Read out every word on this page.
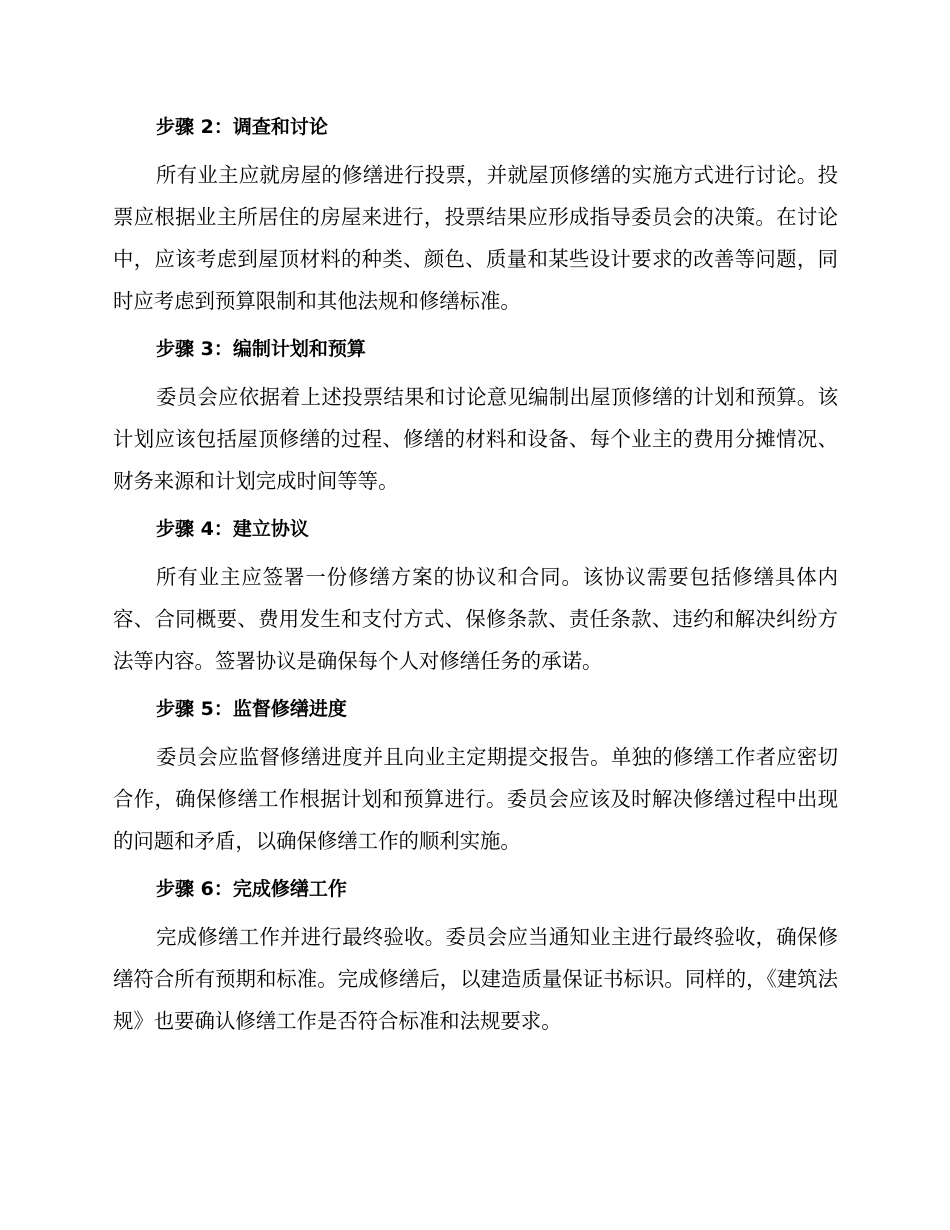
步骤 2：调查和讨论

所有业主应就房屋的修缮进行投票，并就屋顶修缮的实施方式进行讨论。投票应根据业主所居住的房屋来进行，投票结果应形成指导委员会的决策。在讨论中，应该考虑到屋顶材料的种类、颜色、质量和某些设计要求的改善等问题，同时应考虑到预算限制和其他法规和修缮标准。

步骤 3：编制计划和预算

委员会应依据着上述投票结果和讨论意见编制出屋顶修缮的计划和预算。该计划应该包括屋顶修缮的过程、修缮的材料和设备、每个业主的费用分摊情况、财务来源和计划完成时间等等。

步骤 4：建立协议

所有业主应签署一份修缮方案的协议和合同。该协议需要包括修缮具体内容、合同概要、费用发生和支付方式、保修条款、责任条款、违约和解决纠纷方法等内容。签署协议是确保每个人对修缮任务的承诺。

步骤 5：监督修缮进度

委员会应监督修缮进度并且向业主定期提交报告。单独的修缮工作者应密切合作，确保修缮工作根据计划和预算进行。委员会应该及时解决修缮过程中出现的问题和矛盾，以确保修缮工作的顺利实施。

步骤 6：完成修缮工作

完成修缮工作并进行最终验收。委员会应当通知业主进行最终验收，确保修缮符合所有预期和标准。完成修缮后，以建造质量保证书标识。同样的，《建筑法规》也要确认修缮工作是否符合标准和法规要求。
